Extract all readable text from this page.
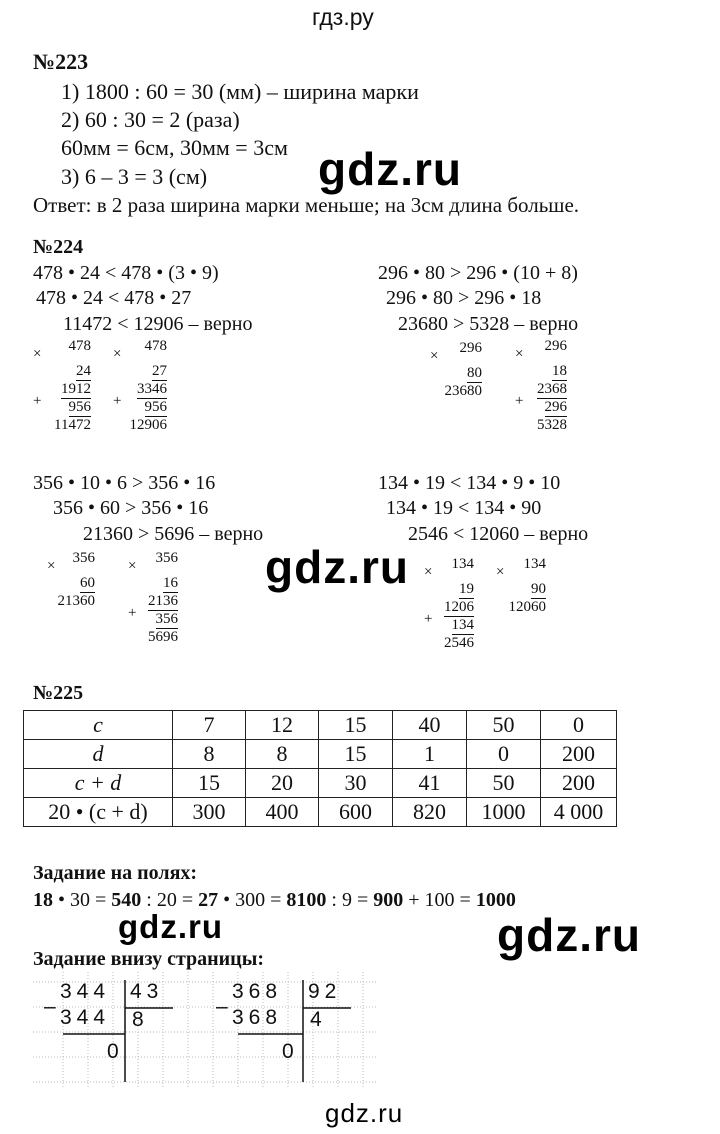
гдз.ру
gdz.ru
gdz.ru
gdz.ru	gdz.ru
gdz.ru
№223
1) 1800 : 60 = 30 (мм) – ширина марки
2) 60 : 30 = 2 (раза)
60мм = 6см, 30мм = 3см
3) 6 – 3 = 3 (см)
Ответ: в 2 раза ширина марки меньше; на 3см длина больше.
№224
478 • 24 < 478 • (3 • 9)
478 • 24 < 478 • 27
11472 < 12906 – верно
296 • 80 > 296 • (10 + 8)
296 • 80 > 296 • 18
23680 > 5328 – верно
356 • 10 • 6 > 356 • 16
356 • 60 > 356 • 16
21360 > 5696 – верно
134 • 19 < 134 • 9 • 10
134 • 19 < 134 • 90
2546 < 12060 – верно
× 478
24
1912
+ 956
11472
× 478
27
3346
+ 956
12906
× 296
80
23680
× 296
18
2368
+ 296
5328
× 356
60
21360
× 356
16
2136
+ 356
5696
× 134
19
1206
+ 134
2546
× 134
90
12060
№225
c	7	12	15	40	50	0
d	8	8	15	1	0	200
c + d	15	20	30	41	50	200
20 • (c + d)	300	400	600	820	1000	4 000
Задание на полях:
18 • 30 = 540 : 20 = 27 • 300 = 8100 : 9 = 900 + 100 = 1000
Задание внизу страницы:
344 43
– 344 8
0
368 92
– 368 4
0
